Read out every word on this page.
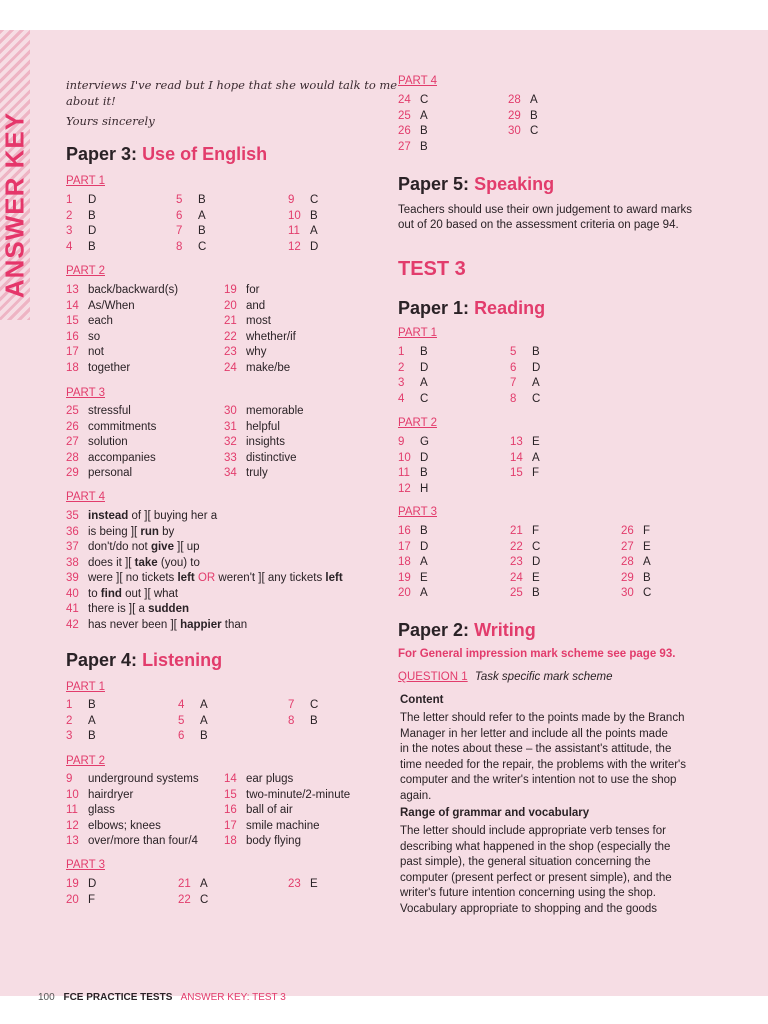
ANSWER KEY
interviews I've read but I hope that she would talk to me
about it!
Yours sincerely
Paper 3: Use of English
PART 1
1 D
2 B
3 D
4 B
5 B
6 A
7 B
8 C
9 C
10 B
11 A
12 D
PART 2
13 back/backward(s)
14 As/When
15 each
16 so
17 not
18 together
19 for
20 and
21 most
22 whether/if
23 why
24 make/be
PART 3
25 stressful
26 commitments
27 solution
28 accompanies
29 personal
30 memorable
31 helpful
32 insights
33 distinctive
34 truly
PART 4
35 instead of ][ buying her a
36 is being ][ run by
37 don't/do not give ][ up
38 does it ][ take (you) to
39 were ][ no tickets left OR weren't ][ any tickets left
40 to find out ][ what
41 there is ][ a sudden
42 has never been ][ happier than
Paper 4: Listening
PART 1
1 B
2 A
3 B
4 A
5 A
6 B
7 C
8 B
PART 2
9 underground systems
10 hairdryer
11 glass
12 elbows; knees
13 over/more than four/4
14 ear plugs
15 two-minute/2-minute
16 ball of air
17 smile machine
18 body flying
PART 3
19 D
20 F
21 A
22 C
23 E
PART 4
24 C
25 A
26 B
27 B
28 A
29 B
30 C
Paper 5: Speaking
Teachers should use their own judgement to award marks
out of 20 based on the assessment criteria on page 94.
TEST 3
Paper 1: Reading
PART 1
1 B
2 D
3 A
4 C
5 B
6 D
7 A
8 C
PART 2
9 G
10 D
11 B
12 H
13 E
14 A
15 F
PART 3
16 B
17 D
18 A
19 E
20 A
21 F
22 C
23 D
24 E
25 B
26 F
27 E
28 A
29 B
30 C
Paper 2: Writing
For General impression mark scheme see page 93.
QUESTION 1 Task specific mark scheme
Content
The letter should refer to the points made by the Branch
Manager in her letter and include all the points made
in the notes about these – the assistant's attitude, the
time needed for the repair, the problems with the writer's
computer and the writer's intention not to use the shop
again.
Range of grammar and vocabulary
The letter should include appropriate verb tenses for
describing what happened in the shop (especially the
past simple), the general situation concerning the
computer (present perfect or present simple), and the
writer's future intention concerning using the shop.
Vocabulary appropriate to shopping and the goods
100 FCE PRACTICE TESTS ANSWER KEY: TEST 3
